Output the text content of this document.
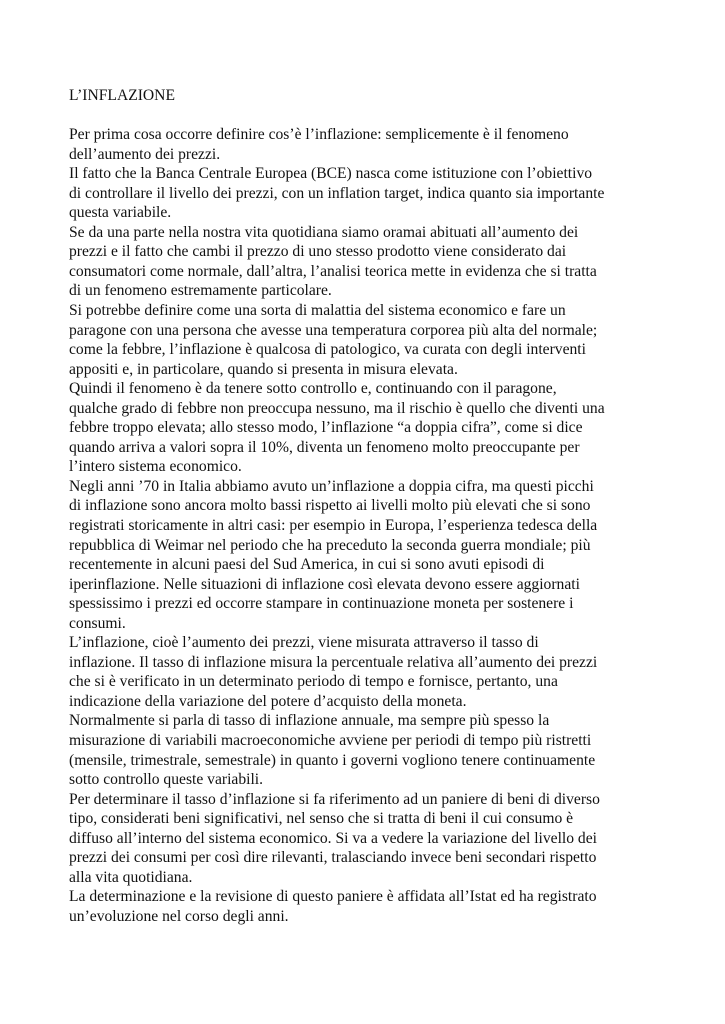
L’INFLAZIONE

Per prima cosa occorre definire cos’è l’inflazione: semplicemente è il fenomeno
dell’aumento dei prezzi.

Il fatto che la Banca Centrale Europea (BCE) nasca come istituzione con l’obiettivo
di controllare il livello dei prezzi, con un inflation target, indica quanto sia importante
questa variabile.

Se da una parte nella nostra vita quotidiana siamo oramai abituati all’aumento dei
prezzi e il fatto che cambi il prezzo di uno stesso prodotto viene considerato dai
consumatori come normale, dall’altra, l’analisi teorica mette in evidenza che si tratta
di un fenomeno estremamente particolare.

Si potrebbe definire come una sorta di malattia del sistema economico e fare un
paragone con una persona che avesse una temperatura corporea più alta del normale;
come la febbre, l’inflazione è qualcosa di patologico, va curata con degli interventi
appositi e, in particolare, quando si presenta in misura elevata.

Quindi il fenomeno è da tenere sotto controllo e, continuando con il paragone,
qualche grado di febbre non preoccupa nessuno, ma il rischio è quello che diventi una
febbre troppo elevata; allo stesso modo, l’inflazione “a doppia cifra”, come si dice
quando arriva a valori sopra il 10%, diventa un fenomeno molto preoccupante per
l’intero sistema economico.

Negli anni ’70 in Italia abbiamo avuto un’inflazione a doppia cifra, ma questi picchi
di inflazione sono ancora molto bassi rispetto ai livelli molto più elevati che si sono
registrati storicamente in altri casi: per esempio in Europa, l’esperienza tedesca della
repubblica di Weimar nel periodo che ha preceduto la seconda guerra mondiale; più
recentemente in alcuni paesi del Sud America, in cui si sono avuti episodi di
iperinflazione. Nelle situazioni di inflazione così elevata devono essere aggiornati
spessissimo i prezzi ed occorre stampare in continuazione moneta per sostenere i
consumi.

L’inflazione, cioè l’aumento dei prezzi, viene misurata attraverso il tasso di
inflazione. Il tasso di inflazione misura la percentuale relativa all’aumento dei prezzi
che si è verificato in un determinato periodo di tempo e fornisce, pertanto, una
indicazione della variazione del potere d’acquisto della moneta.

Normalmente si parla di tasso di inflazione annuale, ma sempre più spesso la
misurazione di variabili macroeconomiche avviene per periodi di tempo più ristretti
(mensile, trimestrale, semestrale) in quanto i governi vogliono tenere continuamente
sotto controllo queste variabili.

Per determinare il tasso d’inflazione si fa riferimento ad un paniere di beni di diverso
tipo, considerati beni significativi, nel senso che si tratta di beni il cui consumo è
diffuso all’interno del sistema economico. Si va a vedere la variazione del livello dei
prezzi dei consumi per così dire rilevanti, tralasciando invece beni secondari rispetto
alla vita quotidiana.

La determinazione e la revisione di questo paniere è affidata all’Istat ed ha registrato
un’evoluzione nel corso degli anni.
